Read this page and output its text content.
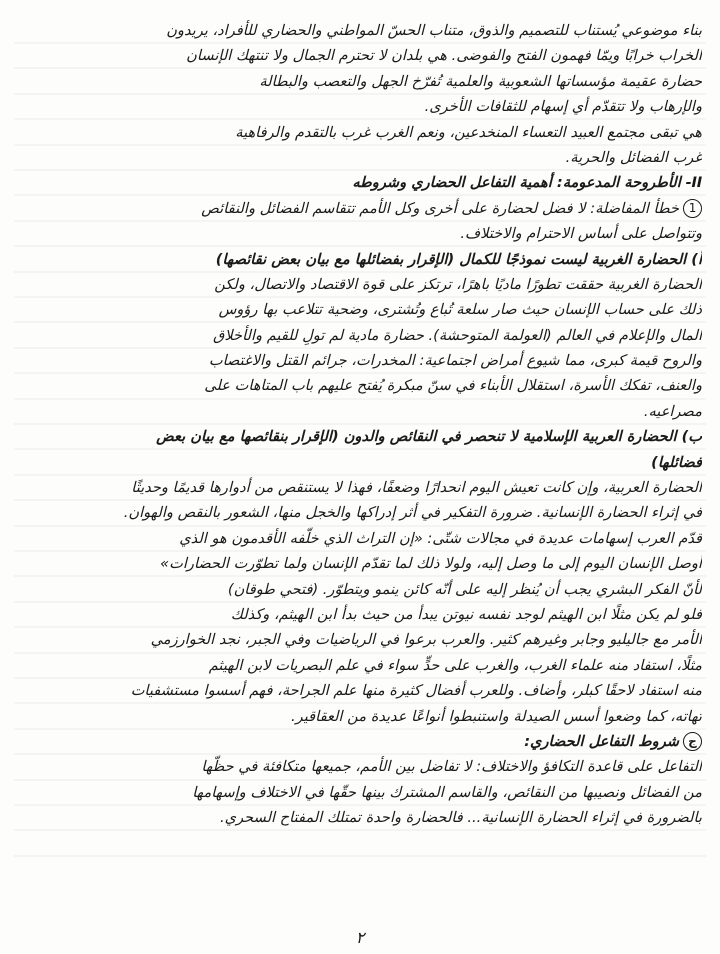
بناء موضوعي يُستناب للتصميم والذوق، متناب الحسّ المواطني والحضاري للأفراد، يريدون
الخراب خرابًا ويمّا فهمون الفتح والفوضى. هي بلدان لا تحترم الجمال ولا تنتهك الإنسان
حضارة عقيمة مؤسساتها الشعوبية والعلمية تُفرّخ الجهل والتعصب والبطالة
والإرهاب ولا تتقدّم أي إسهام للثقافات الأخرى.
هي تبقى مجتمع العبيد التعساء المنخدعين، ونعم الغرب غرب بالتقدم والرفاهية
غرب الفضائل والحرية.
II- الأطروحة المدعومة: أهمية التفاعل الحضاري وشروطه
1خطأ المفاضلة: لا فضل لحضارة على أخرى وكل الأمم تتقاسم الفضائل والنقائص
وتتواصل على أساس الاحترام والاختلاف.
أ) الحضارة الغربية ليست نموذجًا للكمال (الإقرار بفضائلها مع بيان بعض نقائصها)
الحضارة الغربية حققت تطورًا ماديًا باهرًا، ترتكز على قوة الاقتصاد والاتصال، ولكن
ذلك على حساب الإنسان حيث صار سلعة تُباع وتُشترى، وضحية تتلاعب بها رؤوس
المال والإعلام في العالم (العولمة المتوحشة). حضارة مادية لم تولِ للقيم والأخلاق
والروح قيمة كبرى، مما شيوع أمراض اجتماعية: المخدرات، جرائم القتل والاغتصاب
والعنف، تفكك الأسرة، استقلال الأبناء في سنّ مبكرة يُفتح عليهم باب المتاهات على
مصراعيه.
ب) الحضارة العربية الإسلامية لا تنحصر في النقائص والدون (الإقرار بنقائصها مع بيان بعض
فضائلها)
الحضارة العربية، وإن كانت تعيش اليوم انحدارًا وضعفًا، فهذا لا يستنقص من أدوارها قديمًا وحديثًا
في إثراء الحضارة الإنسانية. ضرورة التفكير في أثر إدراكها والخجل منها، الشعور بالنقص والهوان.
قدّم العرب إسهامات عديدة في مجالات شتّى: «إن التراث الذي خلّفه الأقدمون هو الذي
أوصل الإنسان اليوم إلى ما وصل إليه، ولولا ذلك لما تقدّم الإنسان ولما تطوّرت الحضارات»
لأنّ الفكر البشري يجب أن يُنظر إليه على أنّه كائن ينمو ويتطوّر. (فتحي طوقان)
فلو لم يكن مثلًا ابن الهيثم لوجد نفسه نيوتن يبدأ من حيث بدأ ابن الهيثم، وكذلك
الأمر مع جاليليو وجابر وغيرهم كثير. والعرب برعوا في الرياضيات وفي الجبر، نجد الخوارزمي
مثلًا، استفاد منه علماء الغرب، والغرب على حدٍّ سواء في علم البصريات لابن الهيثم
منه استفاد لاحقًا كبلر، وأضاف. وللعرب أفضال كثيرة منها علم الجراحة، فهم أسسوا مستشفيات
تهاته، كما وضعوا أسس الصيدلة واستنبطوا أنواعًا عديدة من العقاقير.
جشروط التفاعل الحضاري:
التفاعل على قاعدة التكافؤ والاختلاف: لا تفاضل بين الأمم، جميعها متكافئة في حظّها
من الفضائل ونصيبها من النقائص، والقاسم المشترك بينها حقّها في الاختلاف وإسهامها
بالضرورة في إثراء الحضارة الإنسانية... فالحضارة واحدة تمتلك المفتاح السحري.
٢
